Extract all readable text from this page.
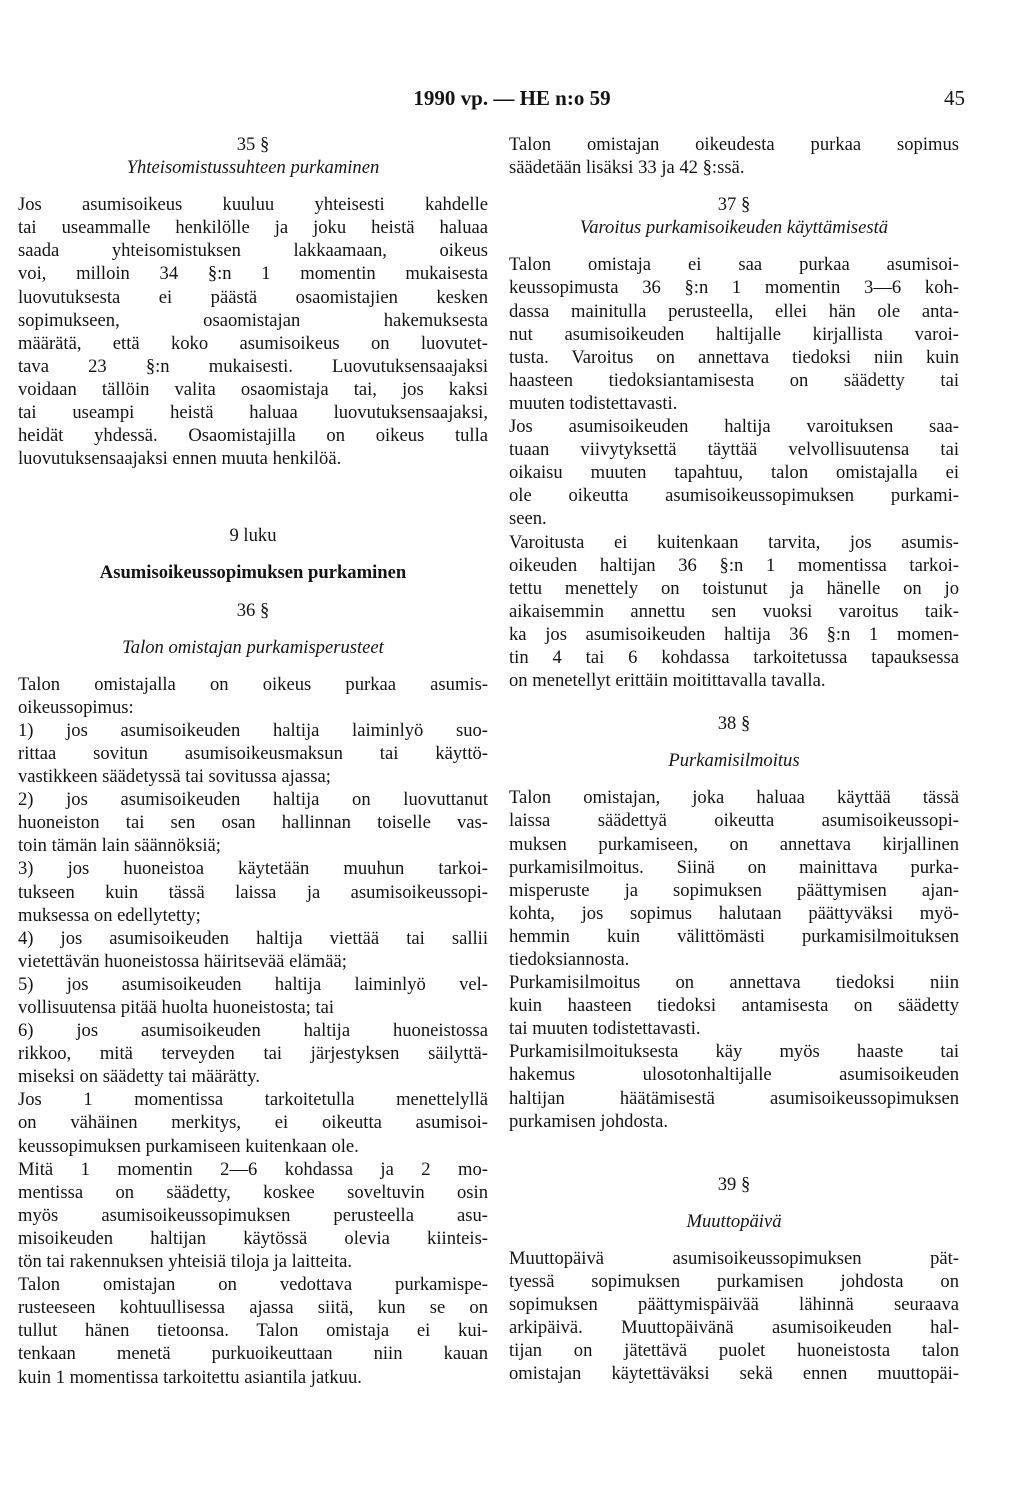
1990 vp. — HE n:o 59	45
35 §
Yhteisomistussuhteen purkaminen
Jos asumisoikeus kuuluu yhteisesti kahdelle
tai useammalle henkilölle ja joku heistä haluaa
saada yhteisomistuksen lakkaamaan, oikeus
voi, milloin 34 §:n 1 momentin mukaisesta
luovutuksesta ei päästä osaomistajien kesken
sopimukseen, osaomistajan hakemuksesta
määrätä, että koko asumisoikeus on luovutet-
tava 23 §:n mukaisesti. Luovutuksensaajaksi
voidaan tällöin valita osaomistaja tai, jos kaksi
tai useampi heistä haluaa luovutuksensaajaksi,
heidät yhdessä. Osaomistajilla on oikeus tulla
luovutuksensaajaksi ennen muuta henkilöä.
9 luku
Asumisoikeussopimuksen purkaminen
36 §
Talon omistajan purkamisperusteet
Talon omistajalla on oikeus purkaa asumis-
oikeussopimus:
1) jos asumisoikeuden haltija laiminlyö suo-
rittaa sovitun asumisoikeusmaksun tai käyttö-
vastikkeen säädetyssä tai sovitussa ajassa;
2) jos asumisoikeuden haltija on luovuttanut
huoneiston tai sen osan hallinnan toiselle vas-
toin tämän lain säännöksiä;
3) jos huoneistoa käytetään muuhun tarkoi-
tukseen kuin tässä laissa ja asumisoikeussopi-
muksessa on edellytetty;
4) jos asumisoikeuden haltija viettää tai sallii
vietettävän huoneistossa häiritsevää elämää;
5) jos asumisoikeuden haltija laiminlyö vel-
vollisuutensa pitää huolta huoneistosta; tai
6) jos asumisoikeuden haltija huoneistossa
rikkoo, mitä terveyden tai järjestyksen säilyttä-
miseksi on säädetty tai määrätty.
Jos 1 momentissa tarkoitetulla menettelyllä
on vähäinen merkitys, ei oikeutta asumisoi-
keussopimuksen purkamiseen kuitenkaan ole.
Mitä 1 momentin 2—6 kohdassa ja 2 mo-
mentissa on säädetty, koskee soveltuvin osin
myös asumisoikeussopimuksen perusteella asu-
misoikeuden haltijan käytössä olevia kiinteis-
tön tai rakennuksen yhteisiä tiloja ja laitteita.
Talon omistajan on vedottava purkamispe-
rusteeseen kohtuullisessa ajassa siitä, kun se on
tullut hänen tietoonsa. Talon omistaja ei kui-
tenkaan menetä purkuoikeuttaan niin kauan
kuin 1 momentissa tarkoitettu asiantila jatkuu.
Talon omistajan oikeudesta purkaa sopimus
säädetään lisäksi 33 ja 42 §:ssä.
37 §
Varoitus purkamisoikeuden käyttämisestä
Talon omistaja ei saa purkaa asumisoi-
keussopimusta 36 §:n 1 momentin 3—6 koh-
dassa mainitulla perusteella, ellei hän ole anta-
nut asumisoikeuden haltijalle kirjallista varoi-
tusta. Varoitus on annettava tiedoksi niin kuin
haasteen tiedoksiantamisesta on säädetty tai
muuten todistettavasti.
Jos asumisoikeuden haltija varoituksen saa-
tuaan viivytyksettä täyttää velvollisuutensa tai
oikaisu muuten tapahtuu, talon omistajalla ei
ole oikeutta asumisoikeussopimuksen purkami-
seen.
Varoitusta ei kuitenkaan tarvita, jos asumis-
oikeuden haltijan 36 §:n 1 momentissa tarkoi-
tettu menettely on toistunut ja hänelle on jo
aikaisemmin annettu sen vuoksi varoitus taik-
ka jos asumisoikeuden haltija 36 §:n 1 momen-
tin 4 tai 6 kohdassa tarkoitetussa tapauksessa
on menetellyt erittäin moitittavalla tavalla.
38 §
Purkamisilmoitus
Talon omistajan, joka haluaa käyttää tässä
laissa säädettyä oikeutta asumisoikeussopi-
muksen purkamiseen, on annettava kirjallinen
purkamisilmoitus. Siinä on mainittava purka-
misperuste ja sopimuksen päättymisen ajan-
kohta, jos sopimus halutaan päättyväksi myö-
hemmin kuin välittömästi purkamisilmoituksen
tiedoksiannosta.
Purkamisilmoitus on annettava tiedoksi niin
kuin haasteen tiedoksi antamisesta on säädetty
tai muuten todistettavasti.
Purkamisilmoituksesta käy myös haaste tai
hakemus ulosotonhaltijalle asumisoikeuden
haltijan häätämisestä asumisoikeussopimuksen
purkamisen johdosta.
39 §
Muuttopäivä
Muuttopäivä asumisoikeussopimuksen pät-
tyessä sopimuksen purkamisen johdosta on
sopimuksen päättymispäivää lähinnä seuraava
arkipäivä. Muuttopäivänä asumisoikeuden hal-
tijan on jätettävä puolet huoneistosta talon
omistajan käytettäväksi sekä ennen muuttopäi-
